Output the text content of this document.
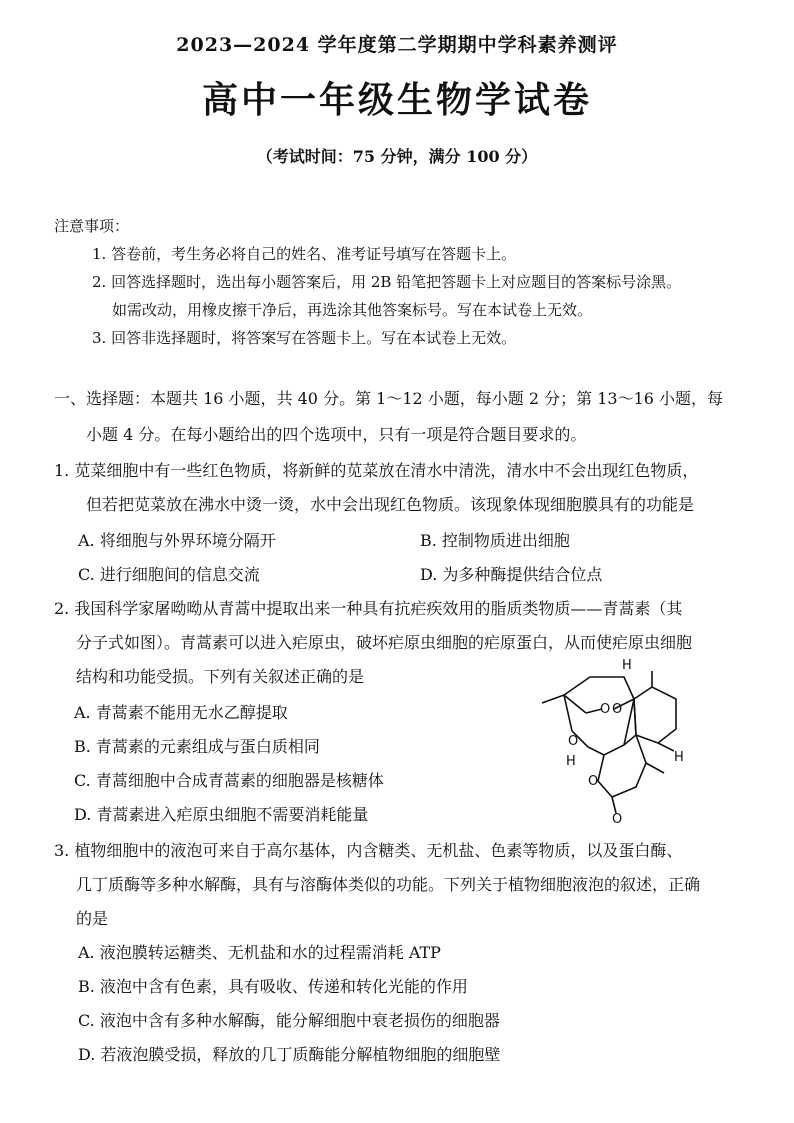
2023—2024 学年度第二学期期中学科素养测评
高中一年级生物学试卷
（考试时间：75 分钟，满分 100 分）
注意事项：
1. 答卷前，考生务必将自己的姓名、准考证号填写在答题卡上。
2. 回答选择题时，选出每小题答案后，用 2B 铅笔把答题卡上对应题目的答案标号涂黑。
如需改动，用橡皮擦干净后，再选涂其他答案标号。写在本试卷上无效。
3. 回答非选择题时，将答案写在答题卡上。写在本试卷上无效。
一、选择题：本题共 16 小题，共 40 分。第 1～12 小题，每小题 2 分；第 13～16 小题，每
小题 4 分。在每小题给出的四个选项中，只有一项是符合题目要求的。
1. 苋菜细胞中有一些红色物质，将新鲜的苋菜放在清水中清洗，清水中不会出现红色物质，
但若把苋菜放在沸水中烫一烫，水中会出现红色物质。该现象体现细胞膜具有的功能是
A. 将细胞与外界环境分隔开	B. 控制物质进出细胞
C. 进行细胞间的信息交流	D. 为多种酶提供结合位点
2. 我国科学家屠呦呦从青蒿中提取出来一种具有抗疟疾效用的脂质类物质——青蒿素（其
分子式如图）。青蒿素可以进入疟原虫，破坏疟原虫细胞的疟原蛋白，从而使疟原虫细胞
结构和功能受损。下列有关叙述正确的是
A. 青蒿素不能用无水乙醇提取
B. 青蒿素的元素组成与蛋白质相同
C. 青蒿细胞中合成青蒿素的细胞器是核糖体
D. 青蒿素进入疟原虫细胞不需要消耗能量
H
O O
O
H
O
H
O
3. 植物细胞中的液泡可来自于高尔基体，内含糖类、无机盐、色素等物质，以及蛋白酶、
几丁质酶等多种水解酶，具有与溶酶体类似的功能。下列关于植物细胞液泡的叙述，正确
的是
A. 液泡膜转运糖类、无机盐和水的过程需消耗 ATP
B. 液泡中含有色素，具有吸收、传递和转化光能的作用
C. 液泡中含有多种水解酶，能分解细胞中衰老损伤的细胞器
D. 若液泡膜受损，释放的几丁质酶能分解植物细胞的细胞壁
